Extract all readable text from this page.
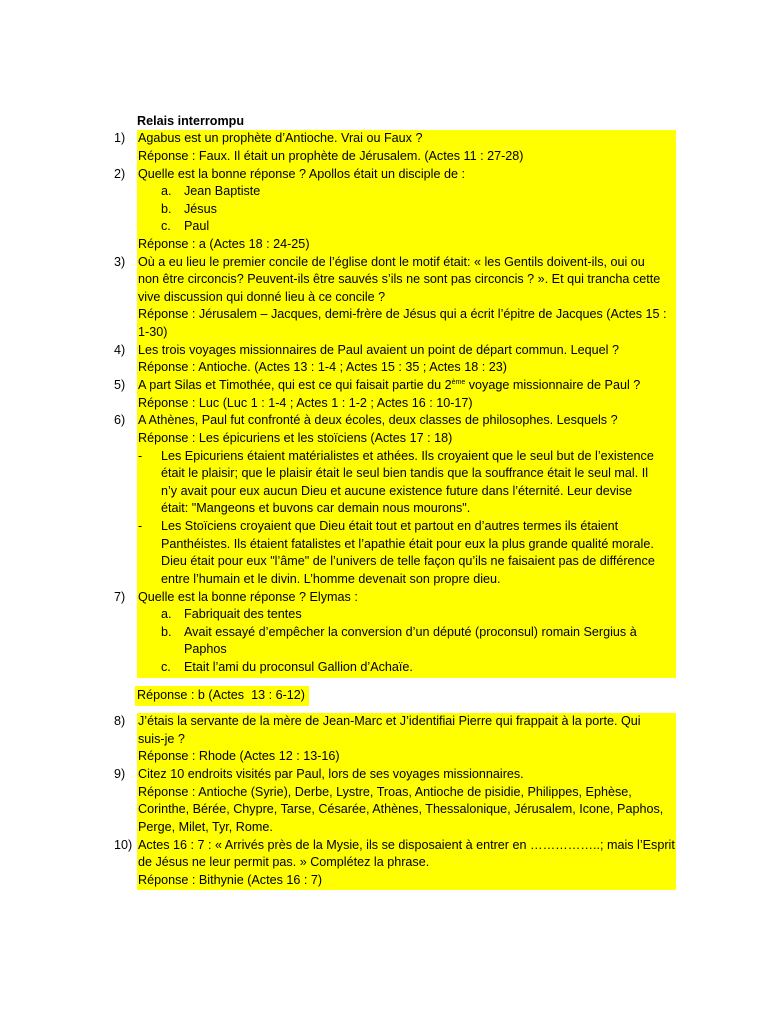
Relais interrompu
1) Agabus est un prophète d’Antioche. Vrai ou Faux ?
Réponse : Faux. Il était un prophète de Jérusalem. (Actes 11 : 27-28)
2) Quelle est la bonne réponse ? Apollos était un disciple de :
a. Jean Baptiste
b. Jésus
c. Paul
Réponse : a (Actes 18 : 24-25)
3) Où a eu lieu le premier concile de l’église dont le motif était: « les Gentils doivent-ils, oui ou
non être circoncis? Peuvent-ils être sauvés s’ils ne sont pas circoncis ? ». Et qui trancha cette
vive discussion qui donné lieu à ce concile ?
Réponse : Jérusalem – Jacques, demi-frère de Jésus qui a écrit l’épitre de Jacques (Actes 15 :
1-30)
4) Les trois voyages missionnaires de Paul avaient un point de départ commun. Lequel ?
Réponse : Antioche. (Actes 13 : 1-4 ; Actes 15 : 35 ; Actes 18 : 23)
5) A part Silas et Timothée, qui est ce qui faisait partie du 2ème voyage missionnaire de Paul ?
Réponse : Luc (Luc 1 : 1-4 ; Actes 1 : 1-2 ; Actes 16 : 10-17)
6) A Athènes, Paul fut confronté à deux écoles, deux classes de philosophes. Lesquels ?
Réponse : Les épicuriens et les stoïciens (Actes 17 : 18)
- Les Epicuriens étaient matérialistes et athées. Ils croyaient que le seul but de l’existence
était le plaisir; que le plaisir était le seul bien tandis que la souffrance était le seul mal. Il
n’y avait pour eux aucun Dieu et aucune existence future dans l’éternité. Leur devise
était: "Mangeons et buvons car demain nous mourons".
- Les Stoïciens croyaient que Dieu était tout et partout en d’autres termes ils étaient
Panthéistes. Ils étaient fatalistes et l’apathie était pour eux la plus grande qualité morale.
Dieu était pour eux "l’âme" de l’univers de telle façon qu’ils ne faisaient pas de différence
entre l’humain et le divin. L’homme devenait son propre dieu.
7) Quelle est la bonne réponse ? Elymas :
a. Fabriquait des tentes
b. Avait essayé d’empêcher la conversion d’un député (proconsul) romain Sergius à
Paphos
c. Etait l’ami du proconsul Gallion d’Achaïe.
Réponse : b (Actes  13 : 6-12)
8) J’étais la servante de la mère de Jean-Marc et J’identifiai Pierre qui frappait à la porte. Qui
suis-je ?
Réponse : Rhode (Actes 12 : 13-16)
9) Citez 10 endroits visités par Paul, lors de ses voyages missionnaires.
Réponse : Antioche (Syrie), Derbe, Lystre, Troas, Antioche de pisidie, Philippes, Ephèse,
Corinthe, Bérée, Chypre, Tarse, Césarée, Athènes, Thessalonique, Jérusalem, Icone, Paphos,
Perge, Milet, Tyr, Rome.
10) Actes 16 : 7 : « Arrivés près de la Mysie, ils se disposaient à entrer en ……………..; mais l’Esprit
de Jésus ne leur permit pas. » Complétez la phrase.
Réponse : Bithynie (Actes 16 : 7)
